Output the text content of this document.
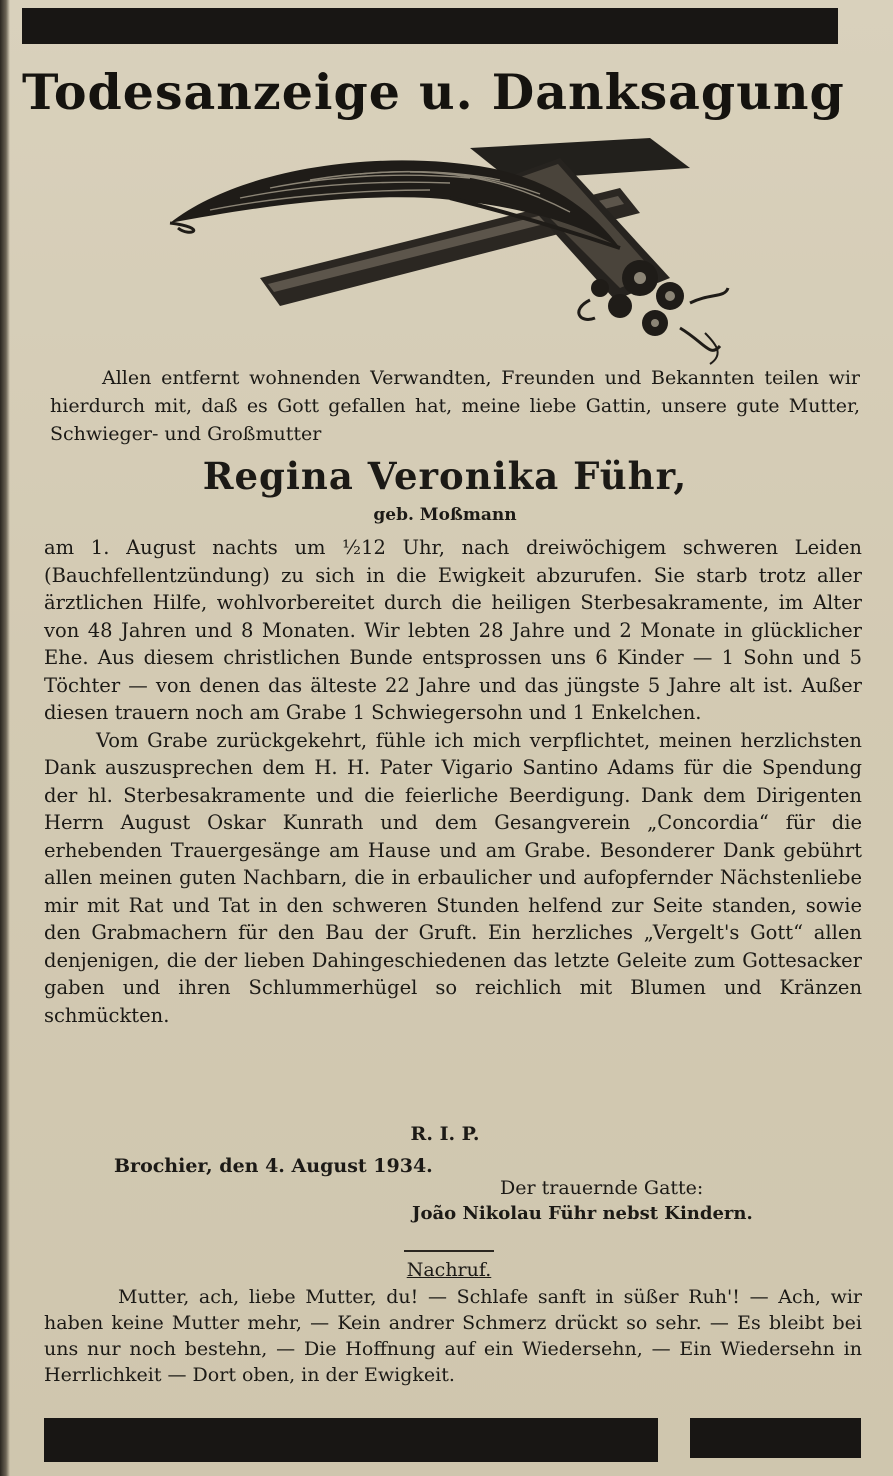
Todesanzeige u. Danksagung

Allen entfernt wohnenden Verwandten, Freunden und Bekannten teilen wir hierdurch mit, daß es Gott gefallen hat, meine liebe Gattin, unsere gute Mutter, Schwieger- und Großmutter

Regina Veronika Führ,
geb. Moßmann

am 1. August nachts um ½12 Uhr, nach dreiwöchigem schweren Leiden (Bauchfellentzündung) zu sich in die Ewigkeit abzurufen. Sie starb trotz aller ärztlichen Hilfe, wohlvorbereitet durch die heiligen Sterbesakramente, im Alter von 48 Jahren und 8 Monaten. Wir lebten 28 Jahre und 2 Monate in glücklicher Ehe. Aus diesem christlichen Bunde entsprossen uns 6 Kinder — 1 Sohn und 5 Töchter — von denen das älteste 22 Jahre und das jüngste 5 Jahre alt ist. Außer diesen trauern noch am Grabe 1 Schwiegersohn und 1 Enkelchen.

Vom Grabe zurückgekehrt, fühle ich mich verpflichtet, meinen herzlichsten Dank auszusprechen dem H. H. Pater Vigario Santino Adams für die Spendung der hl. Sterbesakramente und die feierliche Beerdigung. Dank dem Dirigenten Herrn August Oskar Kunrath und dem Gesangverein „Concordia“ für die erhebenden Trauergesänge am Hause und am Grabe. Besonderer Dank gebührt allen meinen guten Nachbarn, die in erbaulicher und aufopfernder Nächstenliebe mir mit Rat und Tat in den schweren Stunden helfend zur Seite standen, sowie den Grabmachern für den Bau der Gruft. Ein herzliches „Vergelt's Gott“ allen denjenigen, die der lieben Dahingeschiedenen das letzte Geleite zum Gottesacker gaben und ihren Schlummerhügel so reichlich mit Blumen und Kränzen schmückten.

R. I. P.
Brochier, den 4. August 1934.
Der trauernde Gatte:
João Nikolau Führ nebst Kindern.
Nachruf.

Mutter, ach, liebe Mutter, du! — Schlafe sanft in süßer Ruh'! — Ach, wir haben keine Mutter mehr, — Kein andrer Schmerz drückt so sehr. — Es bleibt bei uns nur noch bestehn, — Die Hoffnung auf ein Wiedersehn, — Ein Wiedersehn in Herrlichkeit — Dort oben, in der Ewigkeit.
